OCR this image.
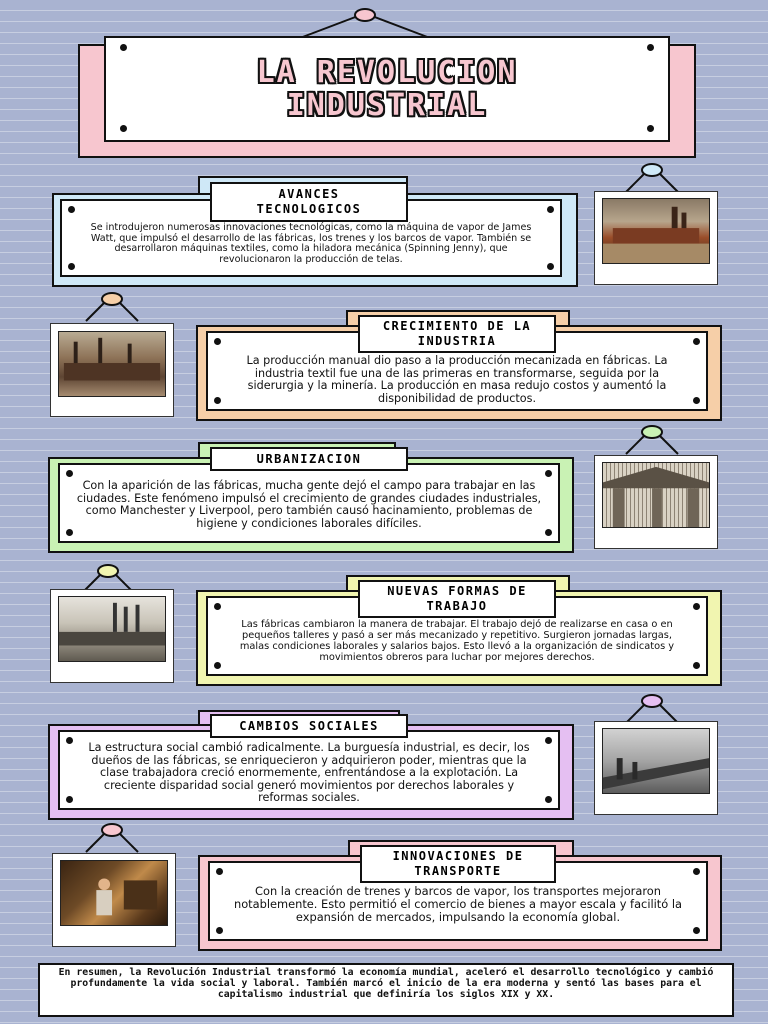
LA REVOLUCION
INDUSTRIAL
Se introdujeron numerosas innovaciones tecnológicas, como la máquina de vapor de James Watt, que impulsó el desarrollo de las fábricas, los trenes y los barcos de vapor. También se desarrollaron máquinas textiles, como la hiladora mecánica (Spinning Jenny), que revolucionaron la producción de telas.
AVANCES TECNOLOGICOS
La producción manual dio paso a la producción mecanizada en fábricas. La industria textil fue una de las primeras en transformarse, seguida por la siderurgia y la minería. La producción en masa redujo costos y aumentó la disponibilidad de productos.
CRECIMIENTO DE LA INDUSTRIA
Con la aparición de las fábricas, mucha gente dejó el campo para trabajar en las ciudades. Este fenómeno impulsó el crecimiento de grandes ciudades industriales, como Manchester y Liverpool, pero también causó hacinamiento, problemas de higiene y condiciones laborales difíciles.
URBANIZACION
Las fábricas cambiaron la manera de trabajar. El trabajo dejó de realizarse en casa o en pequeños talleres y pasó a ser más mecanizado y repetitivo. Surgieron jornadas largas, malas condiciones laborales y salarios bajos. Esto llevó a la organización de sindicatos y movimientos obreros para luchar por mejores derechos.
NUEVAS FORMAS DE TRABAJO
La estructura social cambió radicalmente. La burguesía industrial, es decir, los dueños de las fábricas, se enriquecieron y adquirieron poder, mientras que la clase trabajadora creció enormemente, enfrentándose a la explotación. La creciente disparidad social generó movimientos por derechos laborales y reformas sociales.
CAMBIOS SOCIALES
Con la creación de trenes y barcos de vapor, los transportes mejoraron notablemente. Esto permitió el comercio de bienes a mayor escala y facilitó la expansión de mercados, impulsando la economía global.
INNOVACIONES DE TRANSPORTE
En resumen, la Revolución Industrial transformó la economía mundial, aceleró el desarrollo tecnológico y cambió profundamente la vida social y laboral. También marcó el inicio de la era moderna y sentó las bases para el capitalismo industrial que definiría los siglos XIX y XX.
